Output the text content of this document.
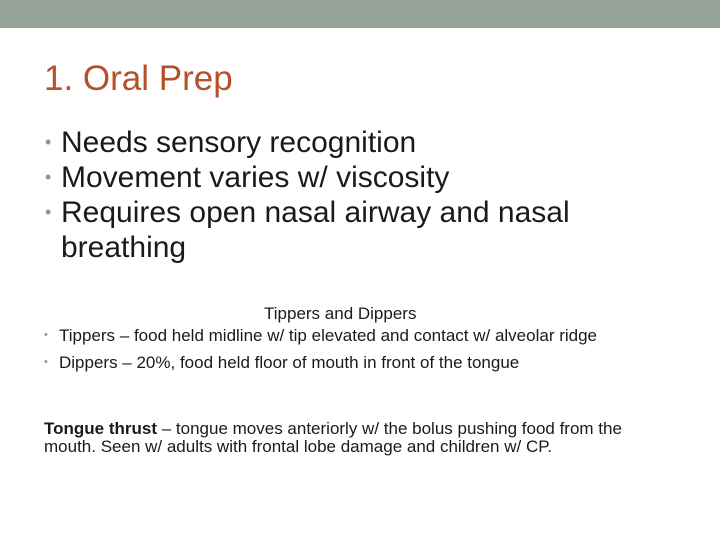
1. Oral Prep
• Needs sensory recognition
• Movement varies w/ viscosity
• Requires open nasal airway and nasal breathing

Tippers and Dippers

• Tippers – food held midline w/ tip elevated and contact w/ alveolar ridge
• Dippers – 20%, food held floor of mouth in front of the tongue

Tongue thrust – tongue moves anteriorly w/ the bolus pushing food from the mouth. Seen w/ adults with frontal lobe damage and children w/ CP.
